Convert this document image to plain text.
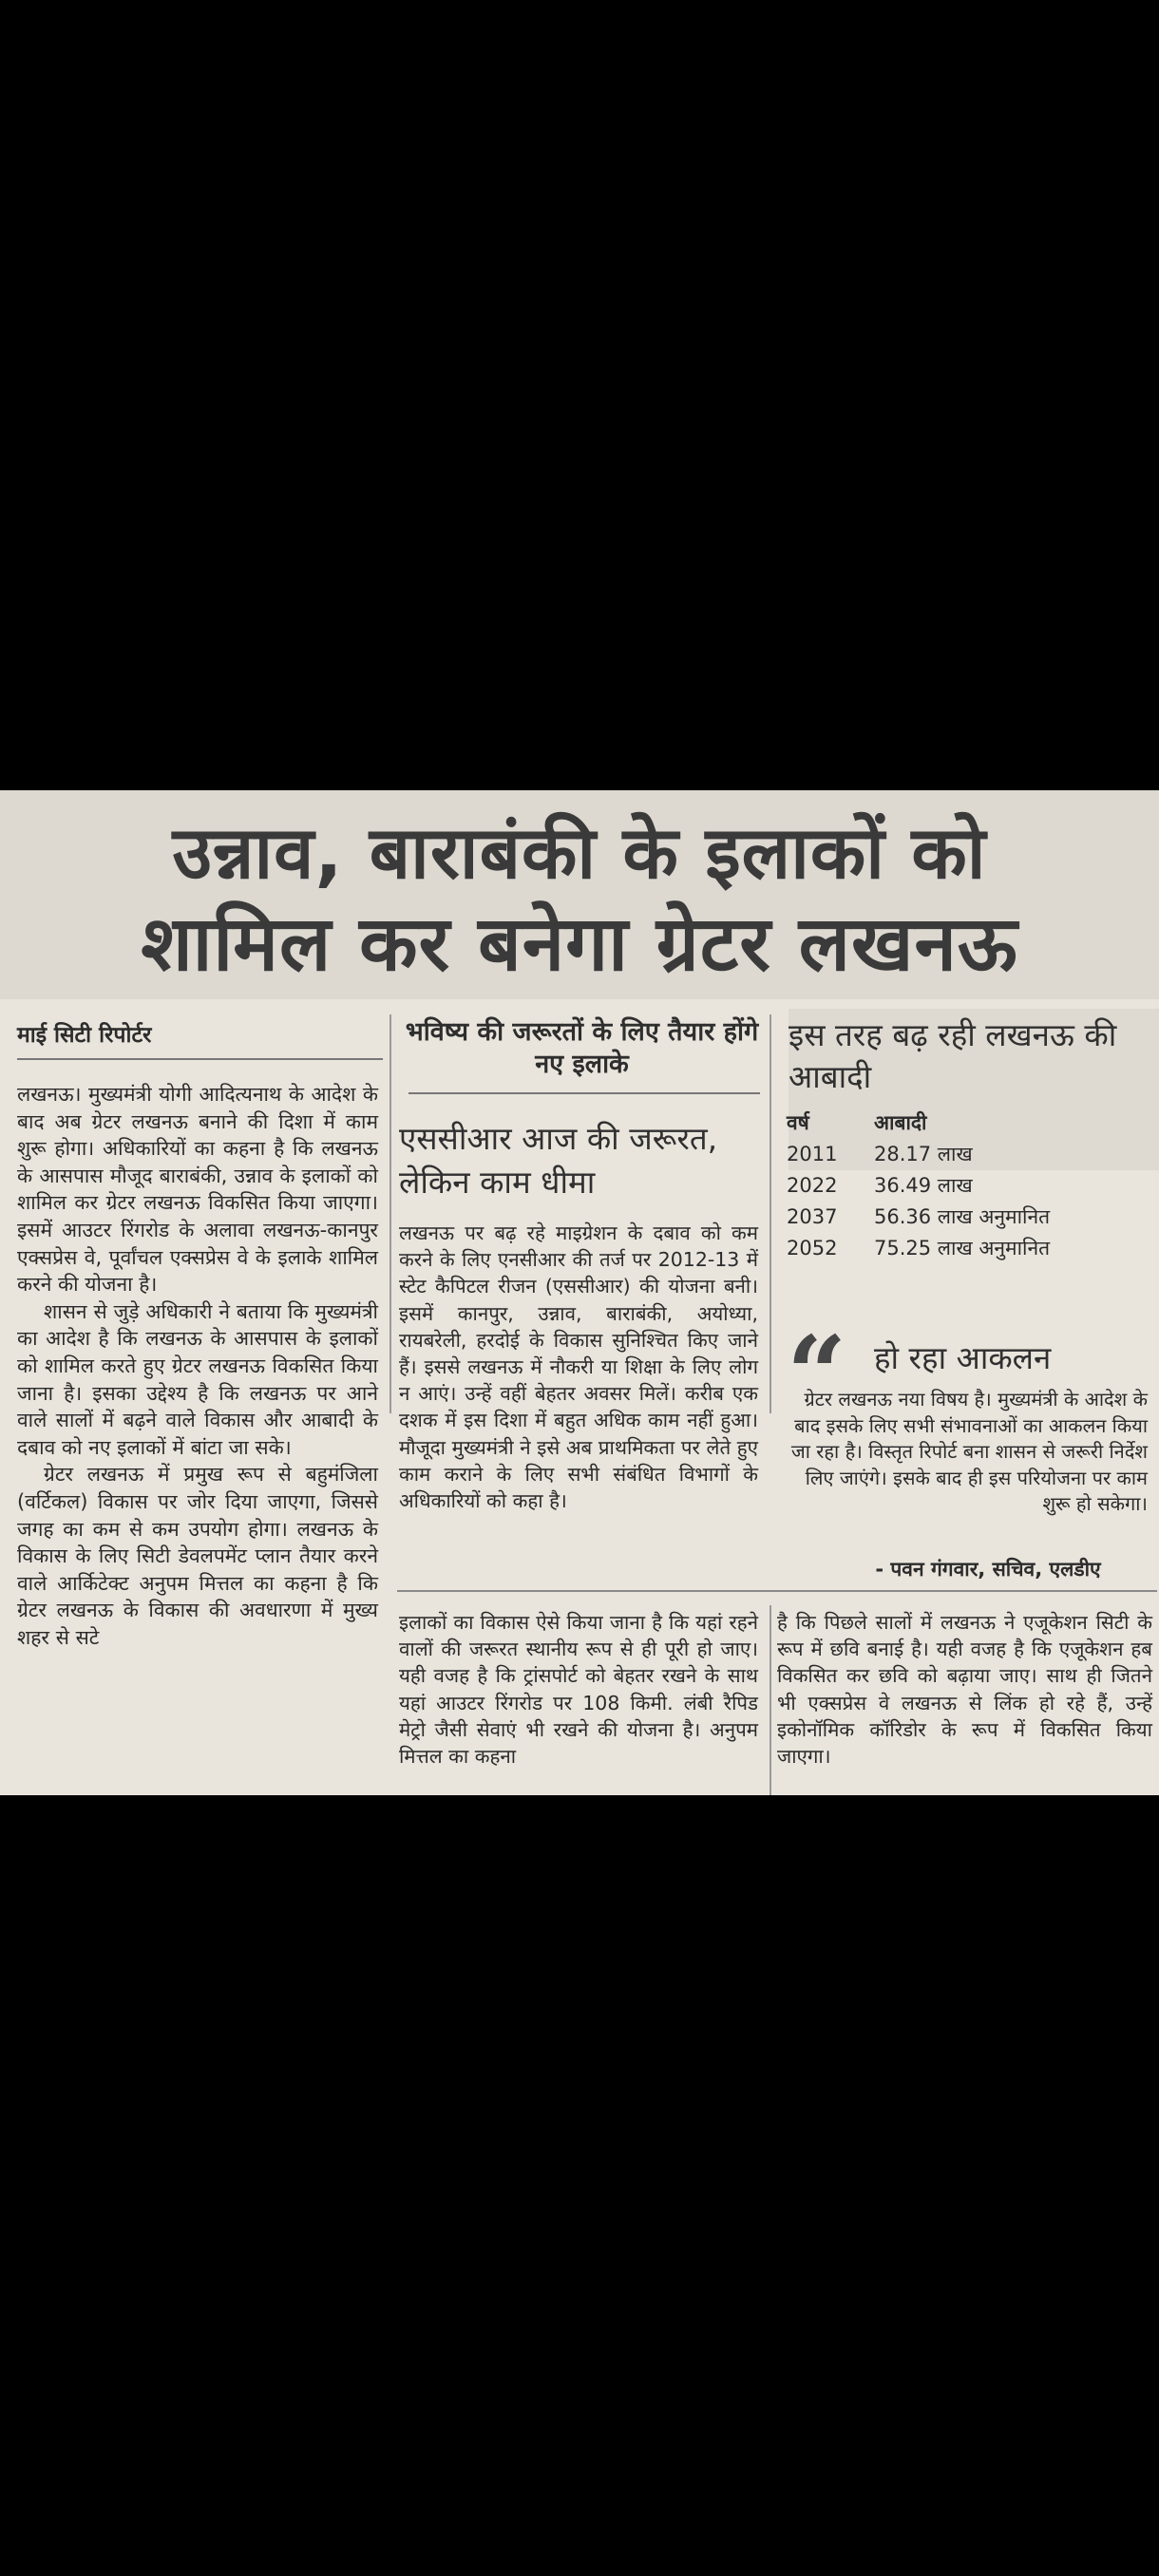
उन्नाव, बाराबंकी के इलाकों को
शामिल कर बनेगा ग्रेटर लखनऊ
माई सिटी रिपोर्टर

लखनऊ। मुख्यमंत्री योगी आदित्यनाथ के आदेश के बाद अब ग्रेटर लखनऊ बनाने की दिशा में काम शुरू होगा। अधिकारियों का कहना है कि लखनऊ के आसपास मौजूद बाराबंकी, उन्नाव के इलाकों को शामिल कर ग्रेटर लखनऊ विकसित किया जाएगा। इसमें आउटर रिंगरोड के अलावा लखनऊ-कानपुर एक्सप्रेस वे, पूर्वांचल एक्सप्रेस वे के इलाके शामिल करने की योजना है।

शासन से जुड़े अधिकारी ने बताया कि मुख्यमंत्री का आदेश है कि लखनऊ के आसपास के इलाकों को शामिल करते हुए ग्रेटर लखनऊ विकसित किया जाना है। इसका उद्देश्य है कि लखनऊ पर आने वाले सालों में बढ़ने वाले विकास और आबादी के दबाव को नए इलाकों में बांटा जा सके।

ग्रेटर लखनऊ में प्रमुख रूप से बहुमंजिला (वर्टिकल) विकास पर जोर दिया जाएगा, जिससे जगह का कम से कम उपयोग होगा। लखनऊ के विकास के लिए सिटी डेवलपमेंट प्लान तैयार करने वाले आर्किटेक्ट अनुपम मित्तल का कहना है कि ग्रेटर लखनऊ के विकास की अवधारणा में मुख्य शहर से सटे

भविष्य की जरूरतों के लिए तैयार होंगे नए इलाके
एससीआर आज की जरूरत, लेकिन काम धीमा
लखनऊ पर बढ़ रहे माइग्रेशन के दबाव को कम करने के लिए एनसीआर की तर्ज पर 2012-13 में स्टेट कैपिटल रीजन (एससीआर) की योजना बनी। इसमें कानपुर, उन्नाव, बाराबंकी, अयोध्या, रायबरेली, हरदोई के विकास सुनिश्चित किए जाने हैं। इससे लखनऊ में नौकरी या शिक्षा के लिए लोग न आएं। उन्हें वहीं बेहतर अवसर मिलें। करीब एक दशक में इस दिशा में बहुत अधिक काम नहीं हुआ। मौजूदा मुख्यमंत्री ने इसे अब प्राथमिकता पर लेते हुए काम कराने के लिए सभी संबंधित विभागों के अधिकारियों को कहा है।
इस तरह बढ़ रही लखनऊ की आबादी
वर्ष	आबादी
2011	28.17 लाख
2022	36.49 लाख
2037	56.36 लाख अनुमानित
2052	75.25 लाख अनुमानित
“ हो रहा आकलन
ग्रेटर लखनऊ नया विषय है। मुख्यमंत्री के आदेश के बाद इसके लिए सभी संभावनाओं का आकलन किया जा रहा है। विस्तृत रिपोर्ट बना शासन से जरूरी निर्देश लिए जाएंगे। इसके बाद ही इस परियोजना पर काम शुरू हो सकेगा।
- पवन गंगवार, सचिव, एलडीए
इलाकों का विकास ऐसे किया जाना है कि यहां रहने वालों की जरूरत स्थानीय रूप से ही पूरी हो जाए। यही वजह है कि ट्रांसपोर्ट को बेहतर रखने के साथ यहां आउटर रिंगरोड पर 108 किमी. लंबी रैपिड मेट्रो जैसी सेवाएं भी रखने की योजना है। अनुपम मित्तल का कहना
है कि पिछले सालों में लखनऊ ने एजूकेशन सिटी के रूप में छवि बनाई है। यही वजह है कि एजूकेशन हब विकसित कर छवि को बढ़ाया जाए। साथ ही जितने भी एक्सप्रेस वे लखनऊ से लिंक हो रहे हैं, उन्हें इकोनॉमिक कॉरिडोर के रूप में विकसित किया जाएगा।
